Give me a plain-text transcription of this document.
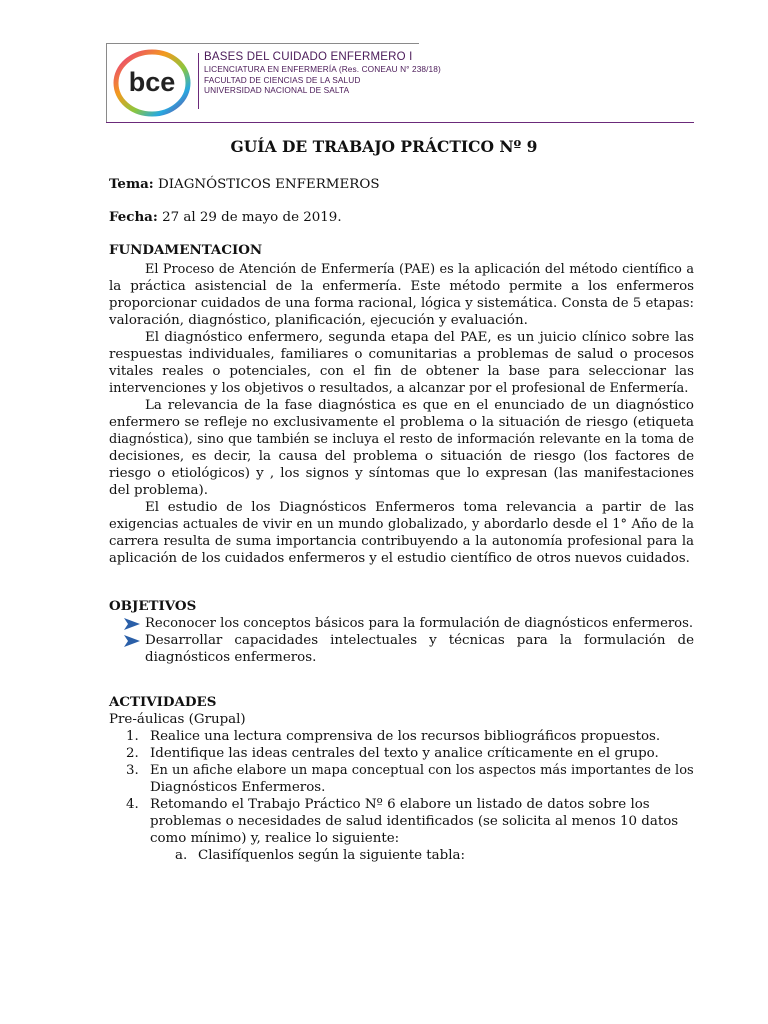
bce
BASES DEL CUIDADO ENFERMERO I
LICENCIATURA EN ENFERMERÍA (Res. CONEAU N° 238/18)
FACULTAD DE CIENCIAS DE LA SALUD
UNIVERSIDAD NACIONAL DE SALTA
GUÍA DE TRABAJO PRÁCTICO Nº 9
Tema: DIAGNÓSTICOS ENFERMEROS
Fecha: 27 al 29 de mayo de 2019.
FUNDAMENTACION
El Proceso de Atención de Enfermería (PAE) es la aplicación del método científico a
la práctica asistencial de la enfermería. Este método permite a los enfermeros
proporcionar cuidados de una forma racional, lógica y sistemática. Consta de 5 etapas:
valoración, diagnóstico, planificación, ejecución y evaluación.
El diagnóstico enfermero, segunda etapa del PAE, es un juicio clínico sobre las
respuestas individuales, familiares o comunitarias a problemas de salud o procesos
vitales reales o potenciales, con el fin de obtener la base para seleccionar las
intervenciones y los objetivos o resultados, a alcanzar por el profesional de Enfermería.
La relevancia de la fase diagnóstica es que en el enunciado de un diagnóstico
enfermero se refleje no exclusivamente el problema o la situación de riesgo (etiqueta
diagnóstica), sino que también se incluya el resto de información relevante en la toma de
decisiones, es decir, la causa del problema o situación de riesgo (los factores de
riesgo o etiológicos) y , los signos y síntomas que lo expresan (las manifestaciones
del problema).
El estudio de los Diagnósticos Enfermeros toma relevancia a partir de las
exigencias actuales de vivir en un mundo globalizado, y abordarlo desde el 1° Año de la
carrera resulta de suma importancia contribuyendo a la autonomía profesional para la
aplicación de los cuidados enfermeros y el estudio científico de otros nuevos cuidados.
OBJETIVOS
Reconocer los conceptos básicos para la formulación de diagnósticos enfermeros.
Desarrollar capacidades intelectuales y técnicas para la formulación de
diagnósticos enfermeros.
ACTIVIDADES
Pre-áulicas (Grupal)
1. Realice una lectura comprensiva de los recursos bibliográficos propuestos.
2. Identifique las ideas centrales del texto y analice críticamente en el grupo.
3. En un afiche elabore un mapa conceptual con los aspectos más importantes de los
Diagnósticos Enfermeros.
4. Retomando el Trabajo Práctico Nº 6 elabore un listado de datos sobre los
problemas o necesidades de salud identificados (se solicita al menos 10 datos
como mínimo) y, realice lo siguiente:
a. Clasifíquenlos según la siguiente tabla:
